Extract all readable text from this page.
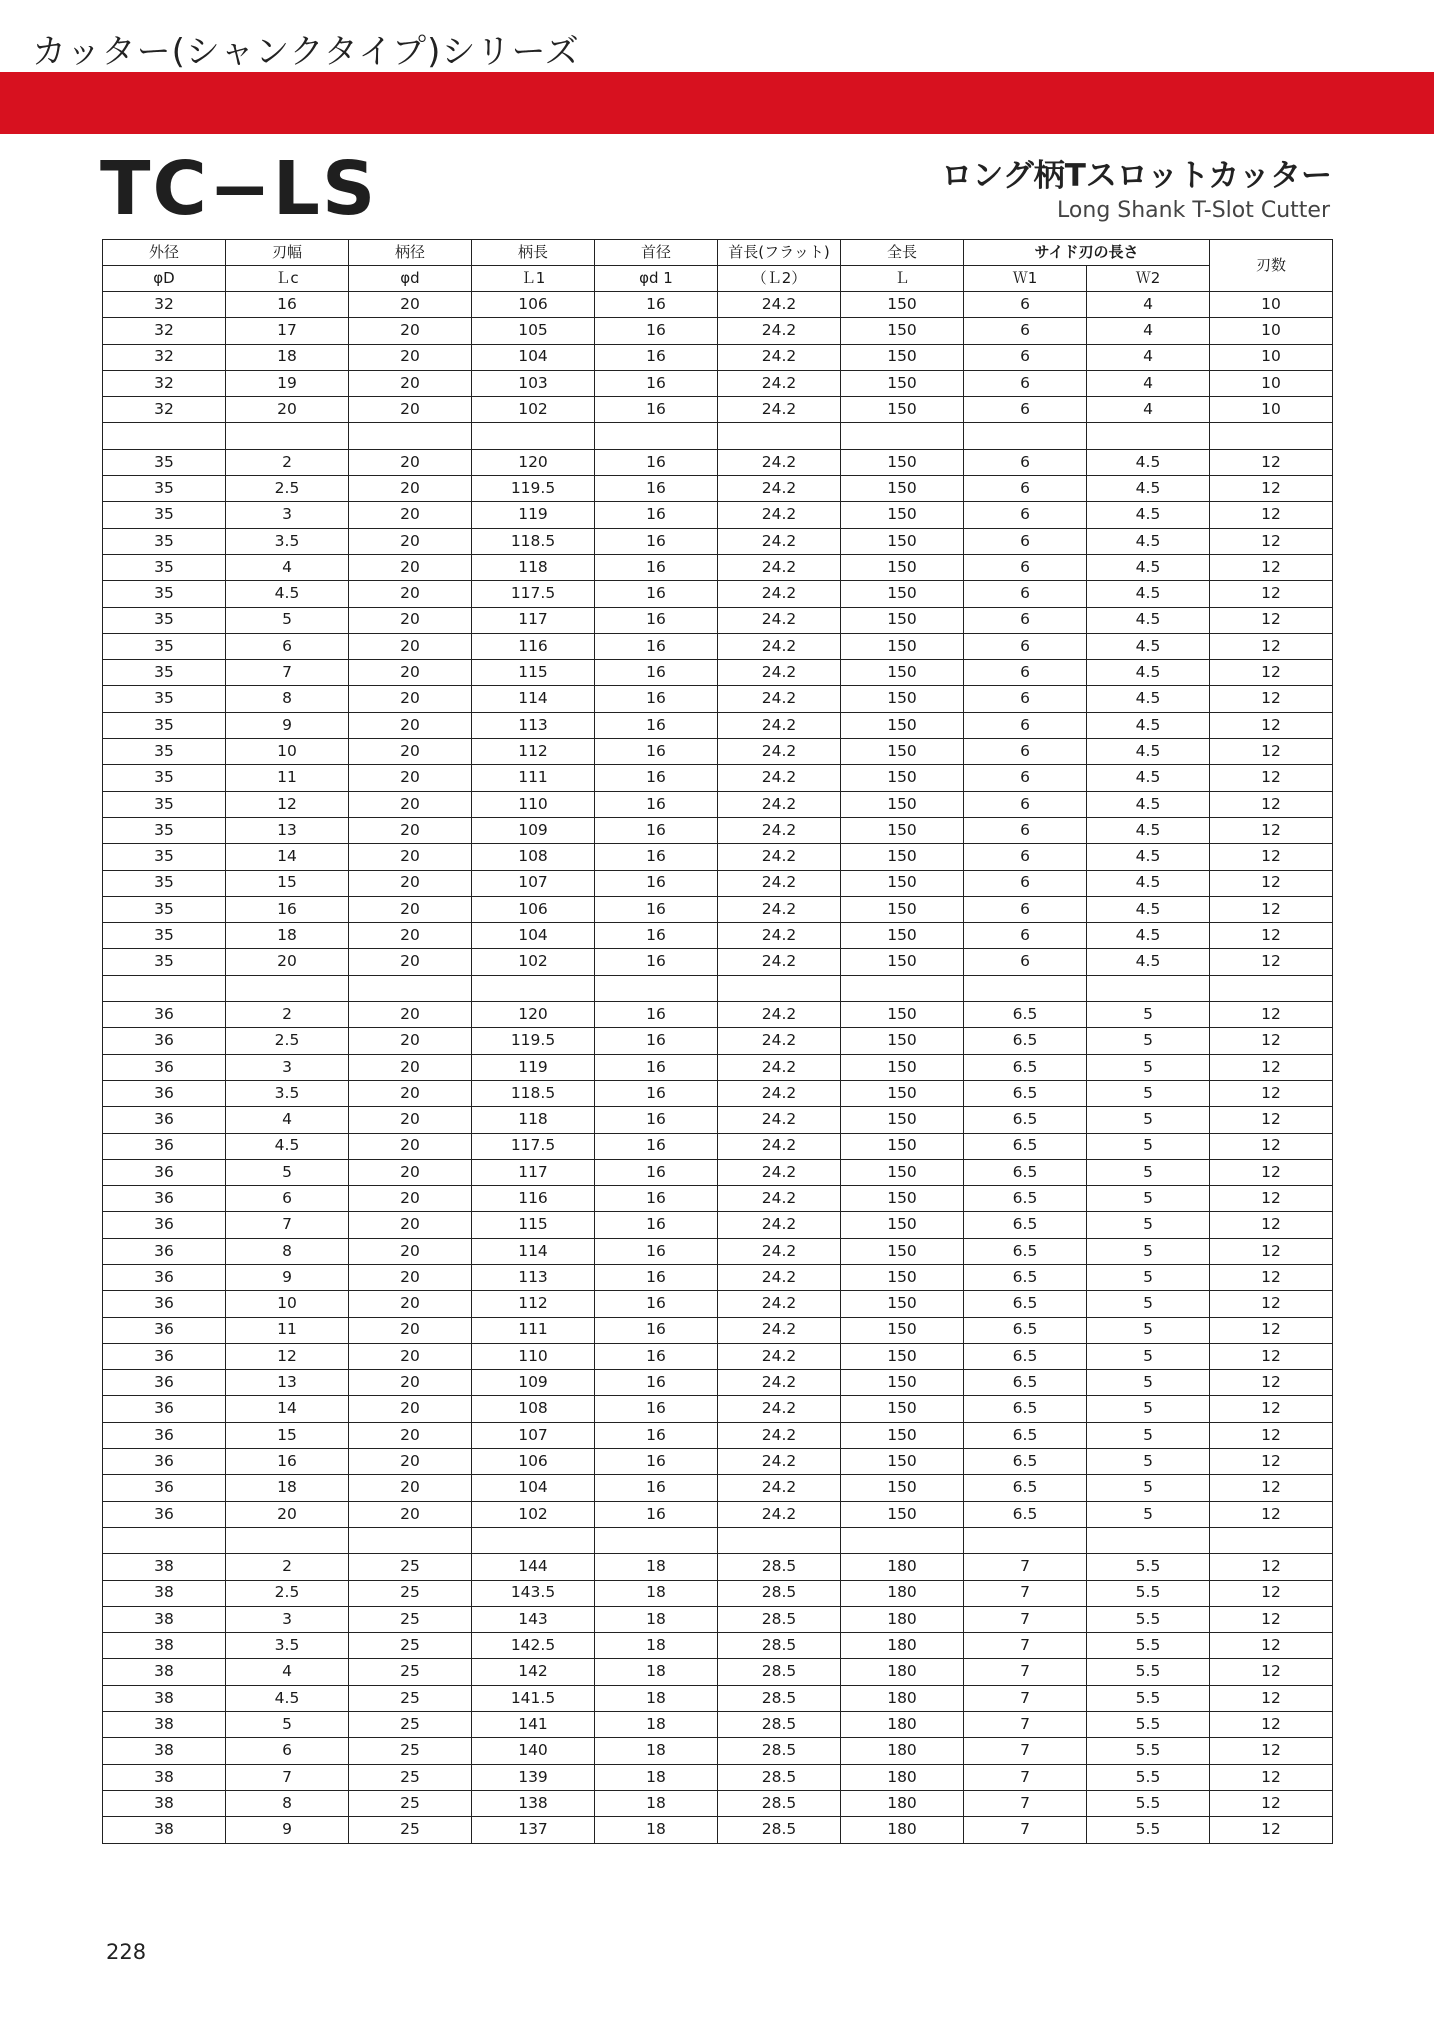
カッター(シャンクタイプ)シリーズ
TC−LS	ロング柄Tスロットカッター
Long Shank T-Slot Cutter
外径	刃幅	柄径	柄長	首径	首長(フラット)	全長	サイド刃の長さ		刃数
φD	Ｌc	φd	Ｌ1	φd 1	（Ｌ2）	Ｌ	Ｗ1	Ｗ2	
32	16	20	106	16	24.2	150	6	4	10
32	17	20	105	16	24.2	150	6	4	10
32	18	20	104	16	24.2	150	6	4	10
32	19	20	103	16	24.2	150	6	4	10
32	20	20	102	16	24.2	150	6	4	10

35	2	20	120	16	24.2	150	6	4.5	12
35	2.5	20	119.5	16	24.2	150	6	4.5	12
35	3	20	119	16	24.2	150	6	4.5	12
35	3.5	20	118.5	16	24.2	150	6	4.5	12
35	4	20	118	16	24.2	150	6	4.5	12
35	4.5	20	117.5	16	24.2	150	6	4.5	12
35	5	20	117	16	24.2	150	6	4.5	12
35	6	20	116	16	24.2	150	6	4.5	12
35	7	20	115	16	24.2	150	6	4.5	12
35	8	20	114	16	24.2	150	6	4.5	12
35	9	20	113	16	24.2	150	6	4.5	12
35	10	20	112	16	24.2	150	6	4.5	12
35	11	20	111	16	24.2	150	6	4.5	12
35	12	20	110	16	24.2	150	6	4.5	12
35	13	20	109	16	24.2	150	6	4.5	12
35	14	20	108	16	24.2	150	6	4.5	12
35	15	20	107	16	24.2	150	6	4.5	12
35	16	20	106	16	24.2	150	6	4.5	12
35	18	20	104	16	24.2	150	6	4.5	12
35	20	20	102	16	24.2	150	6	4.5	12

36	2	20	120	16	24.2	150	6.5	5	12
36	2.5	20	119.5	16	24.2	150	6.5	5	12
36	3	20	119	16	24.2	150	6.5	5	12
36	3.5	20	118.5	16	24.2	150	6.5	5	12
36	4	20	118	16	24.2	150	6.5	5	12
36	4.5	20	117.5	16	24.2	150	6.5	5	12
36	5	20	117	16	24.2	150	6.5	5	12
36	6	20	116	16	24.2	150	6.5	5	12
36	7	20	115	16	24.2	150	6.5	5	12
36	8	20	114	16	24.2	150	6.5	5	12
36	9	20	113	16	24.2	150	6.5	5	12
36	10	20	112	16	24.2	150	6.5	5	12
36	11	20	111	16	24.2	150	6.5	5	12
36	12	20	110	16	24.2	150	6.5	5	12
36	13	20	109	16	24.2	150	6.5	5	12
36	14	20	108	16	24.2	150	6.5	5	12
36	15	20	107	16	24.2	150	6.5	5	12
36	16	20	106	16	24.2	150	6.5	5	12
36	18	20	104	16	24.2	150	6.5	5	12
36	20	20	102	16	24.2	150	6.5	5	12

38	2	25	144	18	28.5	180	7	5.5	12
38	2.5	25	143.5	18	28.5	180	7	5.5	12
38	3	25	143	18	28.5	180	7	5.5	12
38	3.5	25	142.5	18	28.5	180	7	5.5	12
38	4	25	142	18	28.5	180	7	5.5	12
38	4.5	25	141.5	18	28.5	180	7	5.5	12
38	5	25	141	18	28.5	180	7	5.5	12
38	6	25	140	18	28.5	180	7	5.5	12
38	7	25	139	18	28.5	180	7	5.5	12
38	8	25	138	18	28.5	180	7	5.5	12
38	9	25	137	18	28.5	180	7	5.5	12
228
